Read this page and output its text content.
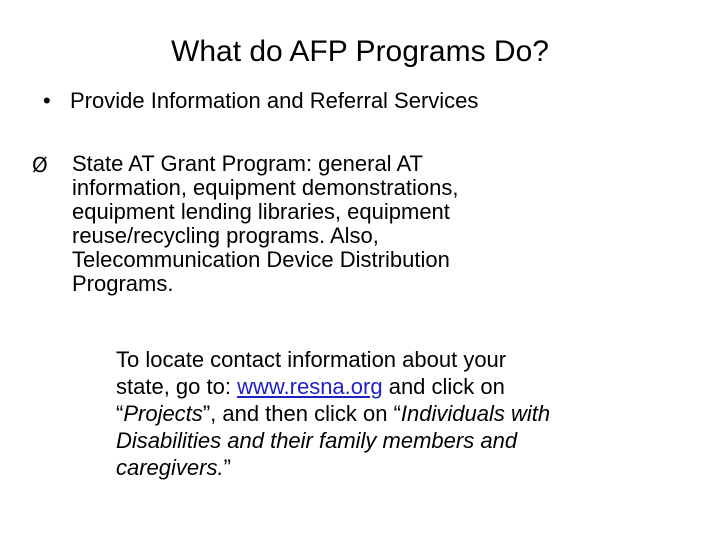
What do AFP Programs Do?
• Provide Information and Referral Services
Ø	State AT Grant Program: general AT
information, equipment demonstrations,
equipment lending libraries, equipment
reuse/recycling programs. Also,
Telecommunication Device Distribution
Programs.
To locate contact information about your
state, go to: www.resna.org and click on
“Projects”, and then click on “Individuals with
Disabilities and their family members and
caregivers.”
